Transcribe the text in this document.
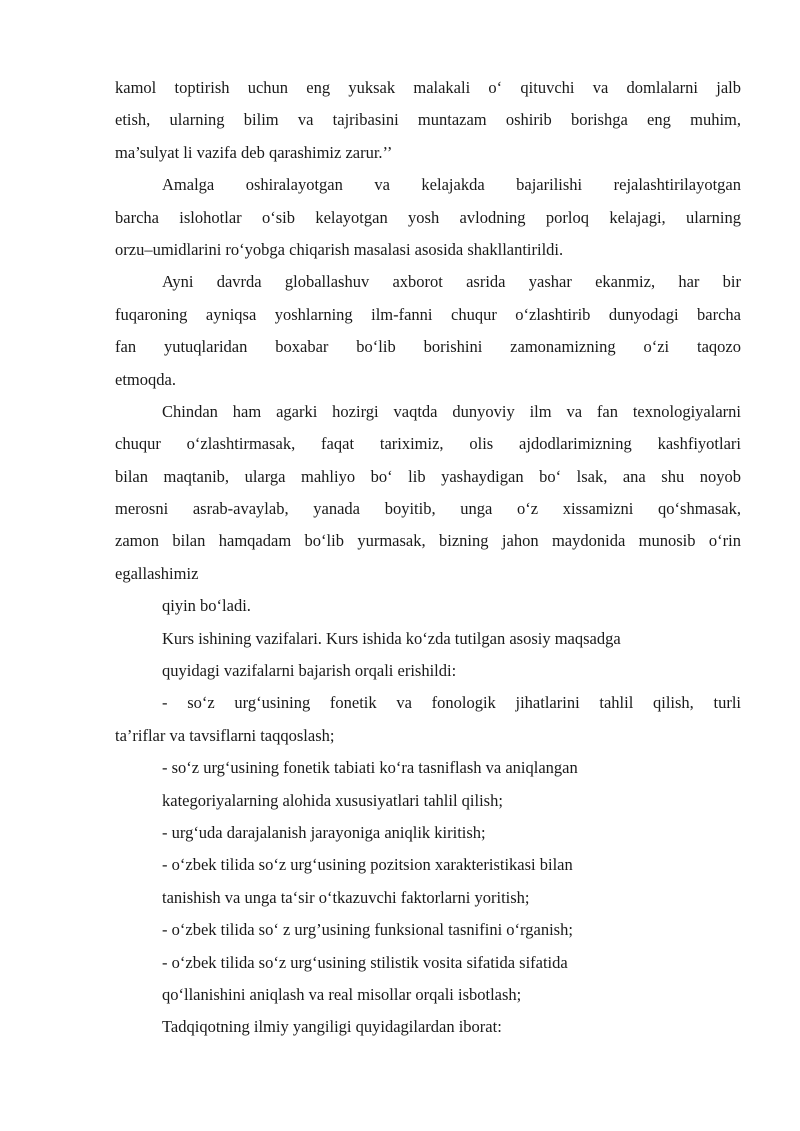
kamol toptirish uchun eng yuksak malakali o‘ qituvchi va domlalarni jalb
etish, ularning bilim va tajribasini muntazam oshirib borishga eng muhim,
ma’sulyat li vazifa deb qarashimiz zarur.’’
Amalga oshiralayotgan va kelajakda bajarilishi rejalashtirilayotgan
barcha islohotlar o‘sib kelayotgan yosh avlodning porloq kelajagi, ularning
orzu–umidlarini ro‘yobga chiqarish masalasi asosida shakllantirildi.
Ayni davrda globallashuv axborot asrida yashar ekanmiz, har bir
fuqaroning ayniqsa yoshlarning ilm-fanni chuqur o‘zlashtirib dunyodagi barcha
fan yutuqlaridan boxabar bo‘lib borishini zamonamizning o‘zi taqozo
etmoqda.
Chindan ham agarki hozirgi vaqtda dunyoviy ilm va fan texnologiyalarni
chuqur o‘zlashtirmasak, faqat tariximiz, olis ajdodlarimizning kashfiyotlari
bilan maqtanib, ularga mahliyo bo‘ lib yashaydigan bo‘ lsak, ana shu noyob
merosni asrab-avaylab, yanada boyitib, unga o‘z xissamizni qo‘shmasak,
zamon bilan hamqadam bo‘lib yurmasak, bizning jahon maydonida munosib o‘rin
egallashimiz
qiyin bo‘ladi.
Kurs ishining vazifalari. Kurs ishida ko‘zda tutilgan asosiy maqsadga
quyidagi vazifalarni bajarish orqali erishildi:
- so‘z urg‘usining fonetik va fonologik jihatlarini tahlil qilish, turli
ta’riflar va tavsiflarni taqqoslash;
- so‘z urg‘usining fonetik tabiati ko‘ra tasniflash va aniqlangan
kategoriyalarning alohida xususiyatlari tahlil qilish;
- urg‘uda darajalanish jarayoniga aniqlik kiritish;
- o‘zbek tilida so‘z urg‘usining pozitsion xarakteristikasi bilan
tanishish va unga ta‘sir o‘tkazuvchi faktorlarni yoritish;
- o‘zbek tilida so‘ z urg’usining funksional tasnifini o‘rganish;
- o‘zbek tilida so‘z urg‘usining stilistik vosita sifatida sifatida
qo‘llanishini aniqlash va real misollar orqali isbotlash;
Tadqiqotning ilmiy yangiligi quyidagilardan iborat:
